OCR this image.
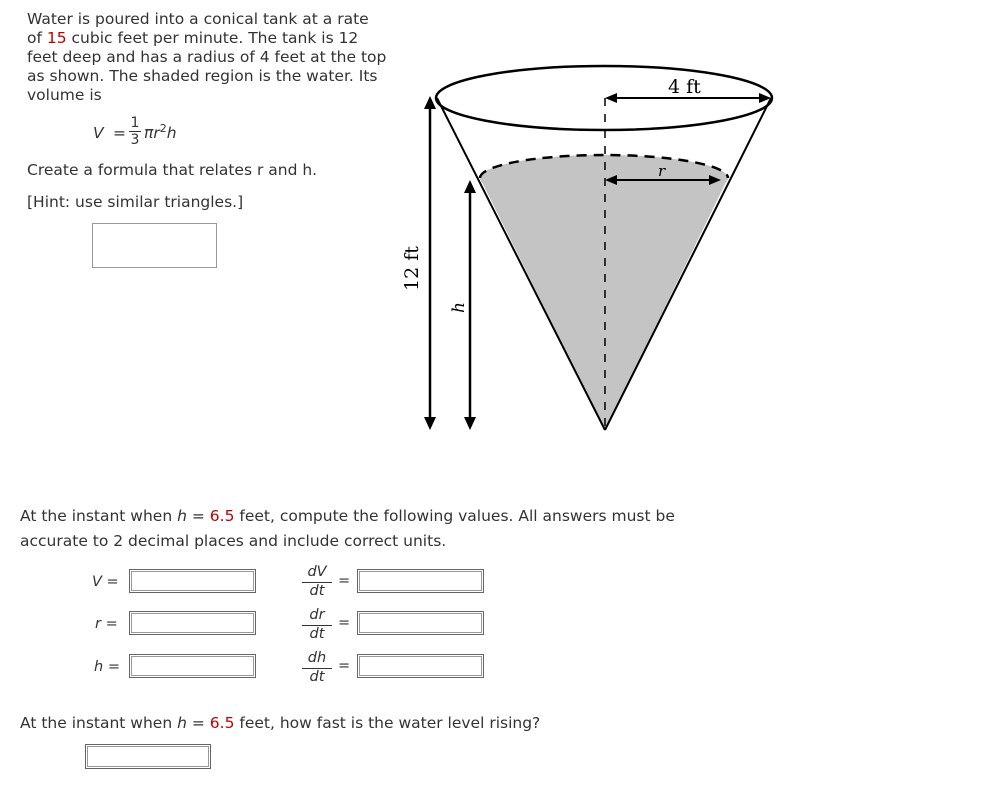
Water is poured into a conical tank at a rate of 15 cubic feet per minute. The tank is 12 feet deep and has a radius of 4 feet at the top as shown. The shaded region is the water. Its volume is

V =
1
3 $\pi r^2h$

Create a formula that relates r and h.

[Hint: use similar triangles.]

4 ft
r
12 ft
h

At the instant when h = 6.5 feet, compute the following values. All answers must be accurate to 2 decimal places and include correct units.

V =
r =
h =
dV
dt
=
dr
dt
=
dh
dt
=

At the instant when h = 6.5 feet, how fast is the water level rising?
